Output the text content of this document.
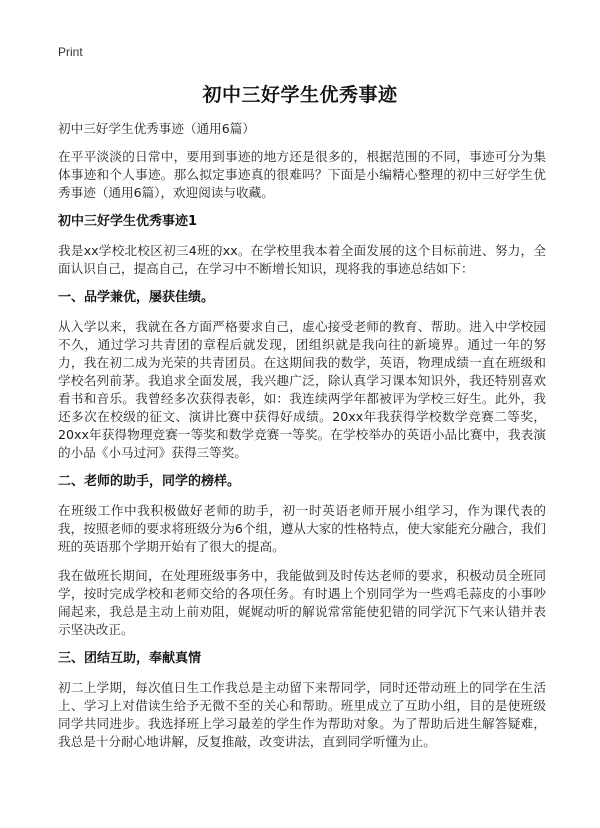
Print
初中三好学生优秀事迹

初中三好学生优秀事迹（通用6篇）

在平平淡淡的日常中，要用到事迹的地方还是很多的，根据范围的不同，事迹可分为集体事迹和个人事迹。那么拟定事迹真的很难吗？下面是小编精心整理的初中三好学生优秀事迹（通用6篇），欢迎阅读与收藏。

初中三好学生优秀事迹1

我是xx学校北校区初三4班的xx。在学校里我本着全面发展的这个目标前进、努力，全面认识自己，提高自己，在学习中不断增长知识，现将我的事迹总结如下：

一、品学兼优，屡获佳绩。

从入学以来，我就在各方面严格要求自己，虚心接受老师的教育、帮助。进入中学校园不久，通过学习共青团的章程后就发现，团组织就是我向往的新境界。通过一年的努力，我在初二成为光荣的共青团员。在这期间我的数学，英语，物理成绩一直在班级和学校名列前茅。我追求全面发展，我兴趣广泛，除认真学习课本知识外，我还特别喜欢看书和音乐。我曾经多次获得表彰，如：我连续两学年都被评为学校三好生。此外，我还多次在校级的征文、演讲比赛中获得好成绩。20xx年我获得学校数学竞赛二等奖，20xx年获得物理竞赛一等奖和数学竞赛一等奖。在学校举办的英语小品比赛中，我表演的小品《小马过河》获得三等奖。

二、老师的助手，同学的榜样。

在班级工作中我积极做好老师的助手，初一时英语老师开展小组学习，作为课代表的我，按照老师的要求将班级分为6个组，遵从大家的性格特点，使大家能充分融合，我们班的英语那个学期开始有了很大的提高。

我在做班长期间，在处理班级事务中，我能做到及时传达老师的要求，积极动员全班同学，按时完成学校和老师交给的各项任务。有时遇上个别同学为一些鸡毛蒜皮的小事吵闹起来，我总是主动上前劝阻，娓娓动听的解说常常能使犯错的同学沉下气来认错并表示坚决改正。

三、团结互助，奉献真情

初二上学期，每次值日生工作我总是主动留下来帮同学，同时还带动班上的同学在生活上、学习上对借读生给予无微不至的关心和帮助。班里成立了互助小组，目的是使班级同学共同进步。我选择班上学习最差的学生作为帮助对象。为了帮助后进生解答疑难，我总是十分耐心地讲解，反复推敲，改变讲法，直到同学听懂为止。
